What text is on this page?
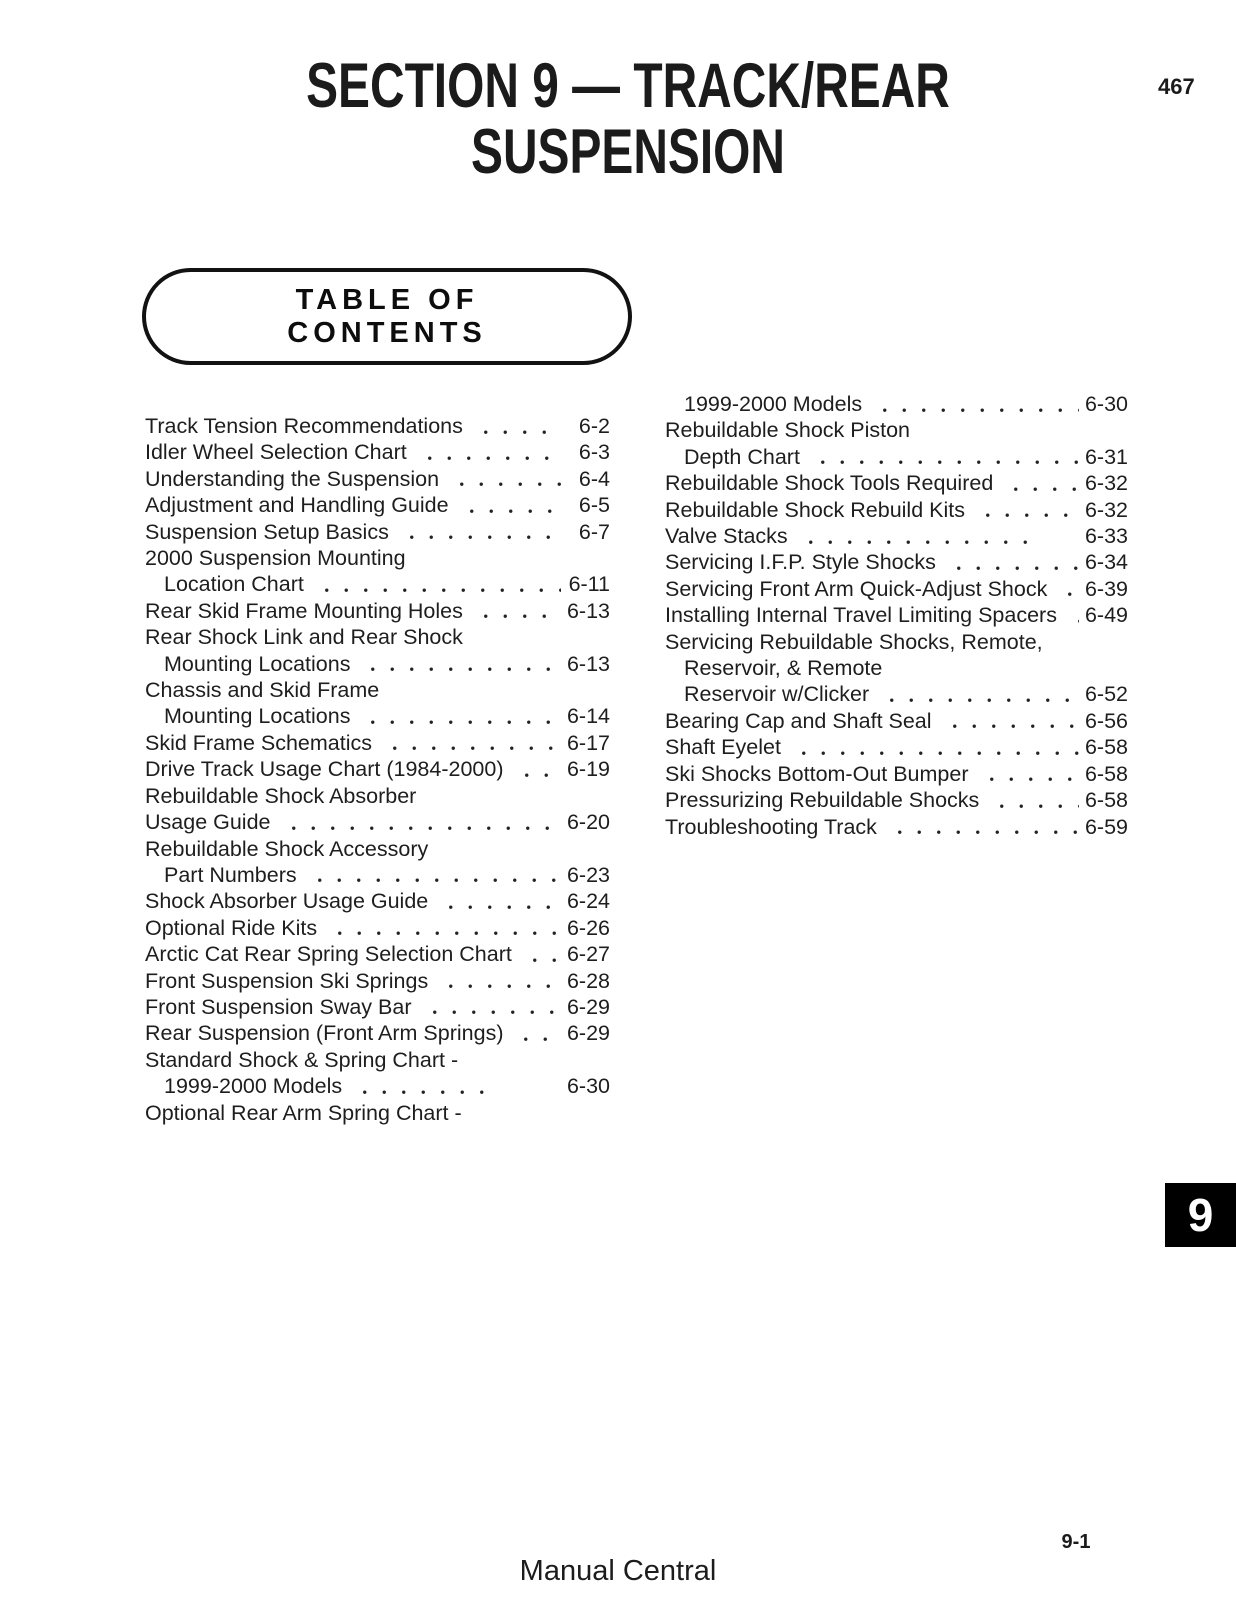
467
SECTION 9 — TRACK/REAR
SUSPENSION
TABLE OF
CONTENTS
Track Tension Recommendations	6-2
Idler Wheel Selection Chart	6-3
Understanding the Suspension	6-4
Adjustment and Handling Guide	6-5
Suspension Setup Basics	6-7
2000 Suspension Mounting
Location Chart	6-11
Rear Skid Frame Mounting Holes	6-13
Rear Shock Link and Rear Shock
Mounting Locations	6-13
Chassis and Skid Frame
Mounting Locations	6-14
Skid Frame Schematics	6-17
Drive Track Usage Chart (1984-2000)	6-19
Rebuildable Shock Absorber
Usage Guide	6-20
Rebuildable Shock Accessory
Part Numbers	6-23
Shock Absorber Usage Guide	6-24
Optional Ride Kits	6-26
Arctic Cat Rear Spring Selection Chart	6-27
Front Suspension Ski Springs	6-28
Front Suspension Sway Bar	6-29
Rear Suspension (Front Arm Springs)	6-29
Standard Shock & Spring Chart -
1999-2000 Models	6-30
Optional Rear Arm Spring Chart -
1999-2000 Models	6-30
Rebuildable Shock Piston
Depth Chart	6-31
Rebuildable Shock Tools Required	6-32
Rebuildable Shock Rebuild Kits	6-32
Valve Stacks	6-33
Servicing I.F.P. Style Shocks	6-34
Servicing Front Arm Quick-Adjust Shock 6-39
Installing Internal Travel Limiting Spacers 6-49
Servicing Rebuildable Shocks, Remote,
Reservoir, & Remote
Reservoir w/Clicker	6-52
Bearing Cap and Shaft Seal	6-56
Shaft Eyelet	6-58
Ski Shocks Bottom-Out Bumper	6-58
Pressurizing Rebuildable Shocks	6-58
Troubleshooting Track	6-59
9
9-1
Manual Central
